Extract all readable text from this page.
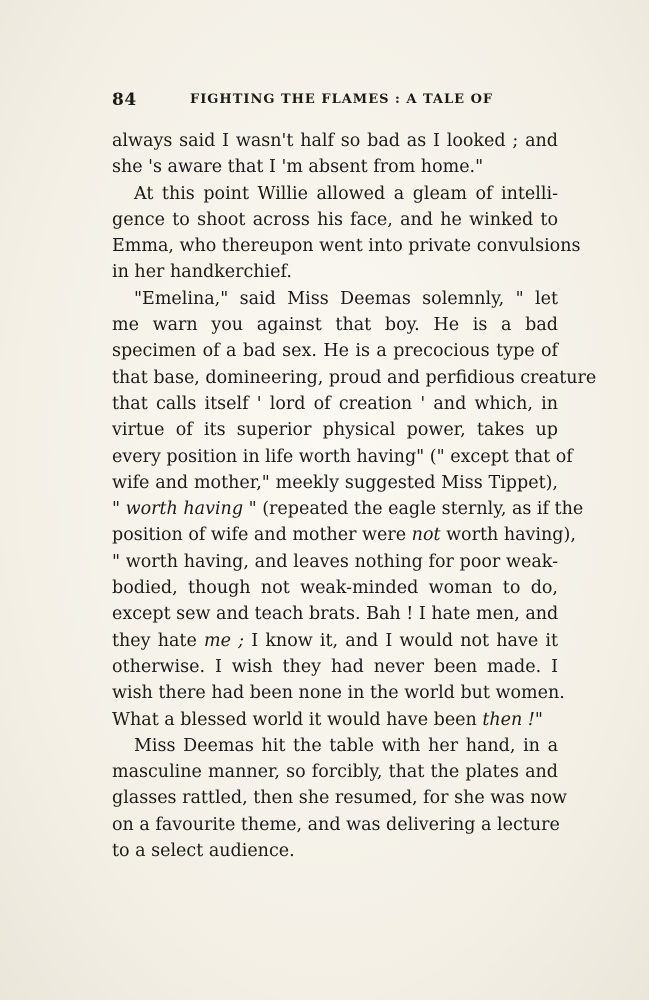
84	FIGHTING THE FLAMES : A TALE OF
always said I wasn't half so bad as I looked ; and
she 's aware that I 'm absent from home."
At this point Willie allowed a gleam of intelli-
gence to shoot across his face, and he winked to
Emma, who thereupon went into private convulsions
in her handkerchief.
"Emelina," said Miss Deemas solemnly, " let
me warn you against that boy. He is a bad
specimen of a bad sex. He is a precocious type of
that base, domineering, proud and perfidious creature
that calls itself ' lord of creation ' and which, in
virtue of its superior physical power, takes up
every position in life worth having" (" except that of
wife and mother," meekly suggested Miss Tippet),
" worth having " (repeated the eagle sternly, as if the
position of wife and mother were not worth having),
" worth having, and leaves nothing for poor weak-
bodied, though not weak-minded woman to do,
except sew and teach brats. Bah ! I hate men, and
they hate me ; I know it, and I would not have it
otherwise. I wish they had never been made. I
wish there had been none in the world but women.
What a blessed world it would have been then !"
Miss Deemas hit the table with her hand, in a
masculine manner, so forcibly, that the plates and
glasses rattled, then she resumed, for she was now
on a favourite theme, and was delivering a lecture
to a select audience.
